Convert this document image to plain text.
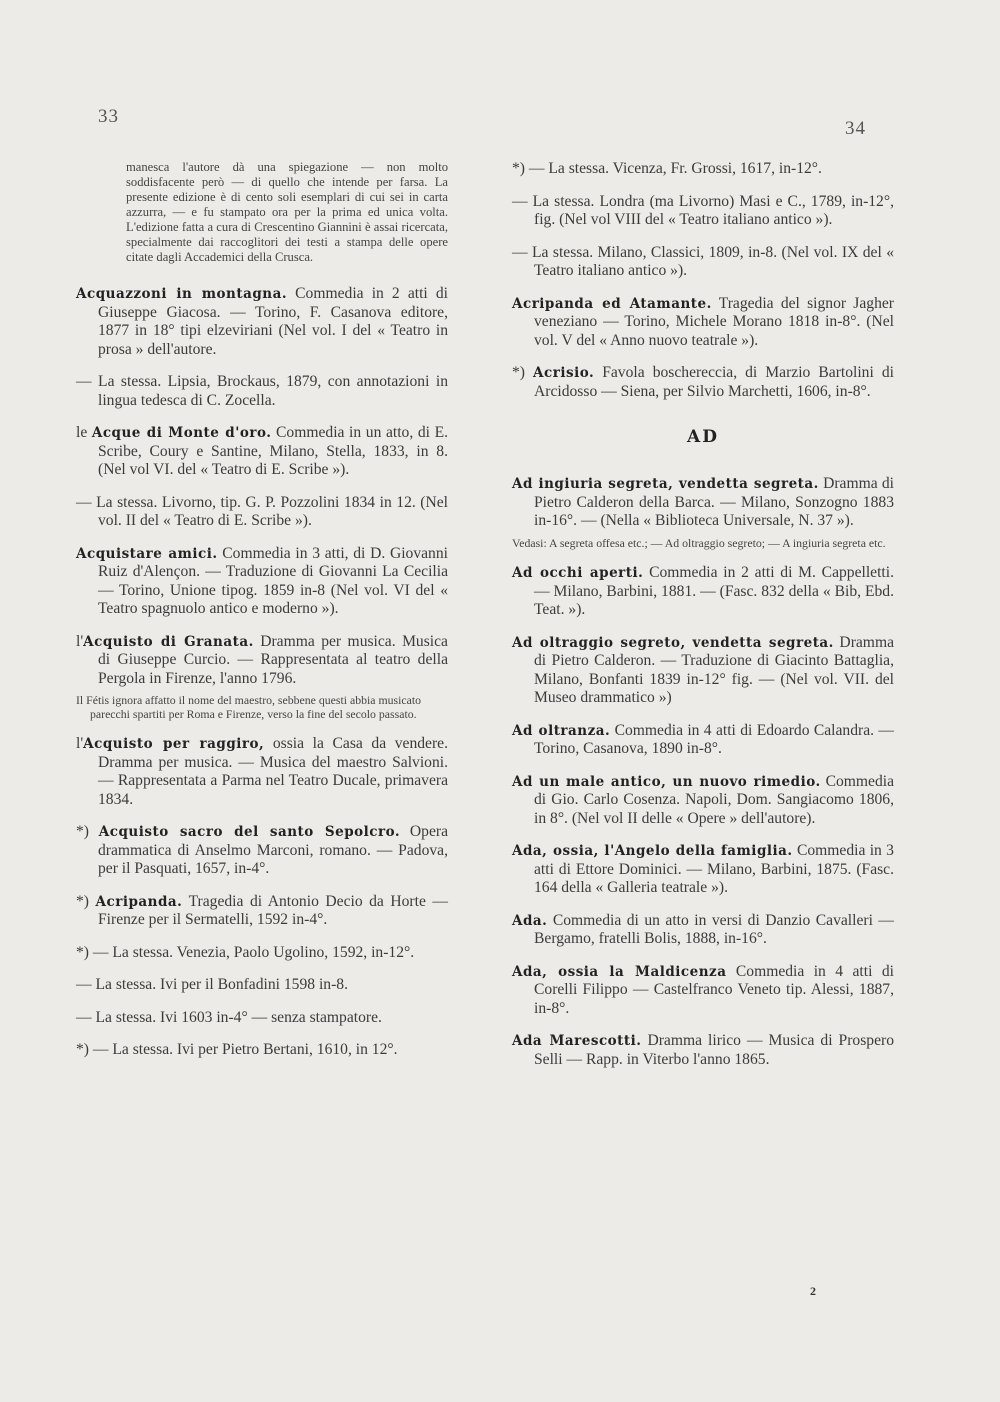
33
34

manesca l'autore dà una spiegazione — non molto soddisfacente però — di quello che intende per farsa. La presente edizione è di cento soli esemplari di cui sei in carta azzurra, — e fu stampato ora per la prima ed unica volta. L'edizione fatta a cura di Crescentino Giannini è assai ricercata, specialmente dai raccoglitori dei testi a stampa delle opere citate dagli Accademici della Crusca.

Acquazzoni in montagna. Commedia in 2 atti di Giuseppe Giacosa. — Torino, F. Casanova editore, 1877 in 18° tipi elzeviriani (Nel vol. I del « Teatro in prosa » dell'autore.

— La stessa. Lipsia, Brockaus, 1879, con annotazioni in lingua tedesca di C. Zocella.

le Acque di Monte d'oro. Commedia in un atto, di E. Scribe, Coury e Santine, Milano, Stella, 1833, in 8. (Nel vol VI. del « Teatro di E. Scribe »).

— La stessa. Livorno, tip. G. P. Pozzolini 1834 in 12. (Nel vol. II del « Teatro di E. Scribe »).

Acquistare amici. Commedia in 3 atti, di D. Giovanni Ruiz d'Alençon. — Traduzione di Giovanni La Cecilia — Torino, Unione tipog. 1859 in-8 (Nel vol. VI del « Teatro spagnuolo antico e moderno »).

l'Acquisto di Granata. Dramma per musica. Musica di Giuseppe Curcio. — Rappresentata al teatro della Pergola in Firenze, l'anno 1796.

Il Fétis ignora affatto il nome del maestro, sebbene questi abbia musicato parecchi spartiti per Roma e Firenze, verso la fine del secolo passato.

l'Acquisto per raggiro, ossia la Casa da vendere. Dramma per musica. — Musica del maestro Salvioni. — Rappresentata a Parma nel Teatro Ducale, primavera 1834.

*) Acquisto sacro del santo Sepolcro. Opera drammatica di Anselmo Marconi, romano. — Padova, per il Pasquati, 1657, in-4°.

*) Acripanda. Tragedia di Antonio Decio da Horte — Firenze per il Sermatelli, 1592 in-4°.

*) — La stessa. Venezia, Paolo Ugolino, 1592, in-12°.

— La stessa. Ivi per il Bonfadini 1598 in-8.

— La stessa. Ivi 1603 in-4° — senza stampatore.

*) — La stessa. Ivi per Pietro Bertani, 1610, in 12°.

*) — La stessa. Vicenza, Fr. Grossi, 1617, in-12°.

— La stessa. Londra (ma Livorno) Masi e C., 1789, in-12°, fig. (Nel vol VIII del « Teatro italiano antico »).

— La stessa. Milano, Classici, 1809, in-8. (Nel vol. IX del « Teatro italiano antico »).

Acripanda ed Atamante. Tragedia del signor Jagher veneziano — Torino, Michele Morano 1818 in-8°. (Nel vol. V del « Anno nuovo teatrale »).

*) Acrisio. Favola boschereccia, di Marzio Bartolini di Arcidosso — Siena, per Silvio Marchetti, 1606, in-8°.

AD

Ad ingiuria segreta, vendetta segreta. Dramma di Pietro Calderon della Barca. — Milano, Sonzogno 1883 in-16°. — (Nella « Biblioteca Universale, N. 37 »).

Vedasi: A segreta offesa etc.; — Ad oltraggio segreto; — A ingiuria segreta etc.

Ad occhi aperti. Commedia in 2 atti di M. Cappelletti. — Milano, Barbini, 1881. — (Fasc. 832 della « Bib, Ebd. Teat. »).

Ad oltraggio segreto, vendetta segreta. Dramma di Pietro Calderon. — Traduzione di Giacinto Battaglia, Milano, Bonfanti 1839 in-12° fig. — (Nel vol. VII. del Museo drammatico »)

Ad oltranza. Commedia in 4 atti di Edoardo Calandra. — Torino, Casanova, 1890 in-8°.

Ad un male antico, un nuovo rimedio. Commedia di Gio. Carlo Cosenza. Napoli, Dom. Sangiacomo 1806, in 8°. (Nel vol II delle « Opere » dell'autore).

Ada, ossia, l'Angelo della famiglia. Commedia in 3 atti di Ettore Dominici. — Milano, Barbini, 1875. (Fasc. 164 della « Galleria teatrale »).

Ada. Commedia di un atto in versi di Danzio Cavalleri — Bergamo, fratelli Bolis, 1888, in-16°.

Ada, ossia la Maldicenza Commedia in 4 atti di Corelli Filippo — Castelfranco Veneto tip. Alessi, 1887, in-8°.

Ada Marescotti. Dramma lirico — Musica di Prospero Selli — Rapp. in Viterbo l'anno 1865.

2
